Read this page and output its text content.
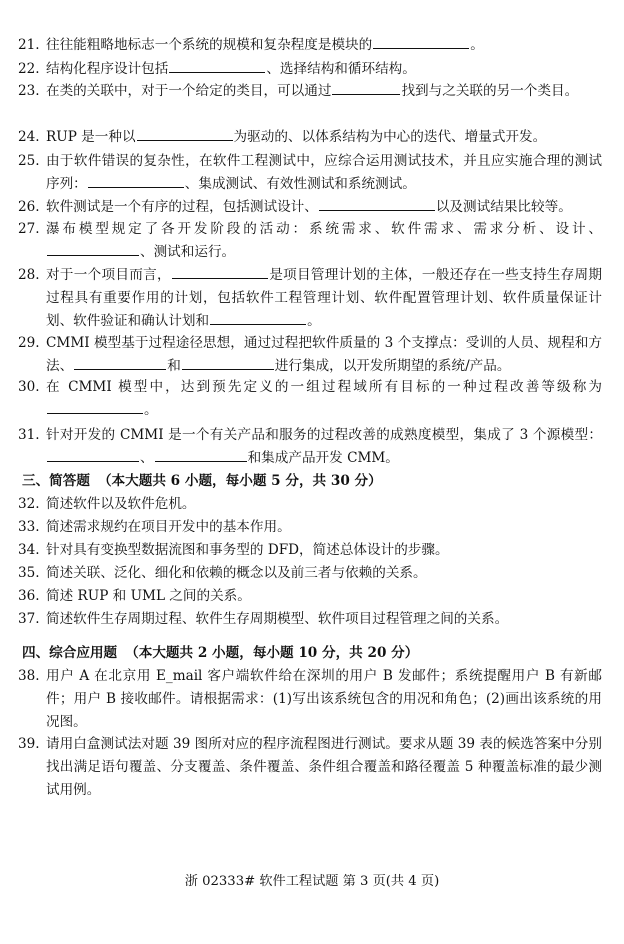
21. 往往能粗略地标志一个系统的规模和复杂程度是模块的	。
22. 结构化程序设计包括	、选择结构和循环结构。
23. 在类的关联中，对于一个给定的类目，可以通过	找到与之关联的另一个类目。
24. RUP 是一种以	为驱动的、以体系结构为中心的迭代、增量式开发。
25. 由于软件错误的复杂性，在软件工程测试中，应综合运用测试技术，并且应实施合理的测试序列：	、集成测试、有效性测试和系统测试。
26. 软件测试是一个有序的过程，包括测试设计、	以及测试结果比较等。
27. 瀑布模型规定了各开发阶段的活动：系统需求、软件需求、需求分析、设计、、测试和运行。
28. 对于一个项目而言，	是项目管理计划的主体，一般还存在一些支持生存周期过程具有重要作用的计划，包括软件工程管理计划、软件配置管理计划、软件质量保证计划、软件验证和确认计划和	。
29. CMMI 模型基于过程途径思想，通过过程把软件质量的 3 个支撑点：受训的人员、规程和方法、	和	进行集成，以开发所期望的系统/产品。
30. 在 CMMI 模型中，达到预先定义的一组过程域所有目标的一种过程改善等级称为。
31. 针对开发的 CMMI 是一个有关产品和服务的过程改善的成熟度模型，集成了 3 个源模型：、	和集成产品开发 CMM。
三、简答题 （本大题共 6 小题，每小题 5 分，共 30 分）
32. 简述软件以及软件危机。
33. 简述需求规约在项目开发中的基本作用。
34. 针对具有变换型数据流图和事务型的 DFD，简述总体设计的步骤。
35. 简述关联、泛化、细化和依赖的概念以及前三者与依赖的关系。
36. 简述 RUP 和 UML 之间的关系。
37. 简述软件生存周期过程、软件生存周期模型、软件项目过程管理之间的关系。
四、综合应用题 （本大题共 2 小题，每小题 10 分，共 20 分）
38. 用户 A 在北京用 E_mail 客户端软件给在深圳的用户 B 发邮件；系统提醒用户 B 有新邮件；用户 B 接收邮件。请根据需求：(1)写出该系统包含的用况和角色；(2)画出该系统的用况图。
39. 请用白盒测试法对题 39 图所对应的程序流程图进行测试。要求从题 39 表的候选答案中分别找出满足语句覆盖、分支覆盖、条件覆盖、条件组合覆盖和路径覆盖 5 种覆盖标准的最少测试用例。
浙 02333# 软件工程试题 第 3 页(共 4 页)
